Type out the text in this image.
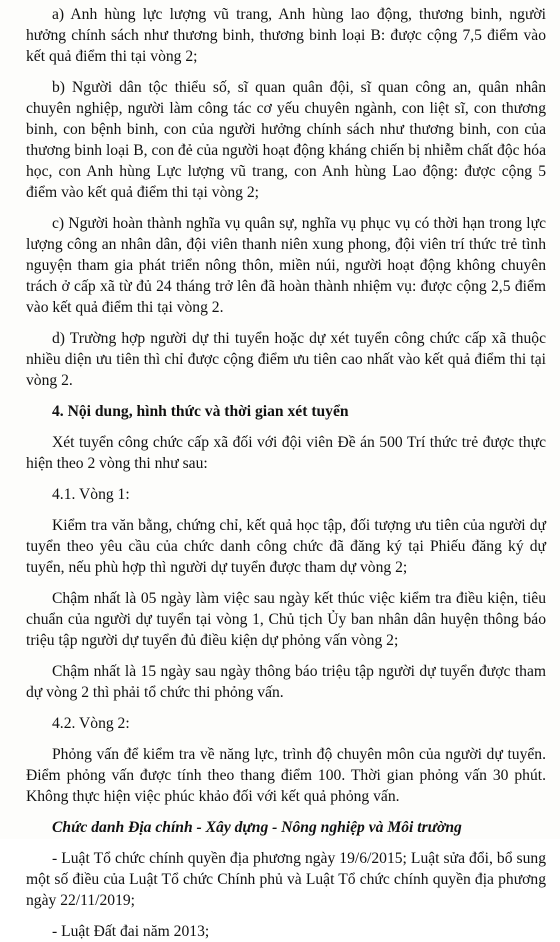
a) Anh hùng lực lượng vũ trang, Anh hùng lao động, thương binh, người hưởng chính sách như thương binh, thương binh loại B: được cộng 7,5 điểm vào kết quả điểm thi tại vòng 2;

b) Người dân tộc thiểu số, sĩ quan quân đội, sĩ quan công an, quân nhân chuyên nghiệp, người làm công tác cơ yếu chuyên ngành, con liệt sĩ, con thương binh, con bệnh binh, con của người hưởng chính sách như thương binh, con của thương binh loại B, con đẻ của người hoạt động kháng chiến bị nhiễm chất độc hóa học, con Anh hùng Lực lượng vũ trang, con Anh hùng Lao động: được cộng 5 điểm vào kết quả điểm thi tại vòng 2;

c) Người hoàn thành nghĩa vụ quân sự, nghĩa vụ phục vụ có thời hạn trong lực lượng công an nhân dân, đội viên thanh niên xung phong, đội viên trí thức trẻ tình nguyện tham gia phát triển nông thôn, miền núi, người hoạt động không chuyên trách ở cấp xã từ đủ 24 tháng trở lên đã hoàn thành nhiệm vụ: được cộng 2,5 điểm vào kết quả điểm thi tại vòng 2.

d) Trường hợp người dự thi tuyển hoặc dự xét tuyển công chức cấp xã thuộc nhiều diện ưu tiên thì chỉ được cộng điểm ưu tiên cao nhất vào kết quả điểm thi tại vòng 2.

4. Nội dung, hình thức và thời gian xét tuyển

Xét tuyển công chức cấp xã đối với đội viên Đề án 500 Trí thức trẻ được thực hiện theo 2 vòng thi như sau:

4.1. Vòng 1:

Kiểm tra văn bằng, chứng chỉ, kết quả học tập, đối tượng ưu tiên của người dự tuyển theo yêu cầu của chức danh công chức đã đăng ký tại Phiếu đăng ký dự tuyển, nếu phù hợp thì người dự tuyển được tham dự vòng 2;

Chậm nhất là 05 ngày làm việc sau ngày kết thúc việc kiểm tra điều kiện, tiêu chuẩn của người dự tuyển tại vòng 1, Chủ tịch Ủy ban nhân dân huyện thông báo triệu tập người dự tuyển đủ điều kiện dự phỏng vấn vòng 2;

Chậm nhất là 15 ngày sau ngày thông báo triệu tập người dự tuyển được tham dự vòng 2 thì phải tổ chức thi phỏng vấn.

4.2. Vòng 2:

Phỏng vấn để kiểm tra về năng lực, trình độ chuyên môn của người dự tuyển. Điểm phỏng vấn được tính theo thang điểm 100. Thời gian phỏng vấn 30 phút. Không thực hiện việc phúc khảo đối với kết quả phỏng vấn.

Chức danh Địa chính - Xây dựng - Nông nghiệp và Môi trường

- Luật Tổ chức chính quyền địa phương ngày 19/6/2015; Luật sửa đổi, bổ sung một số điều của Luật Tổ chức Chính phủ và Luật Tổ chức chính quyền địa phương ngày 22/11/2019;

- Luật Đất đai năm 2013;
